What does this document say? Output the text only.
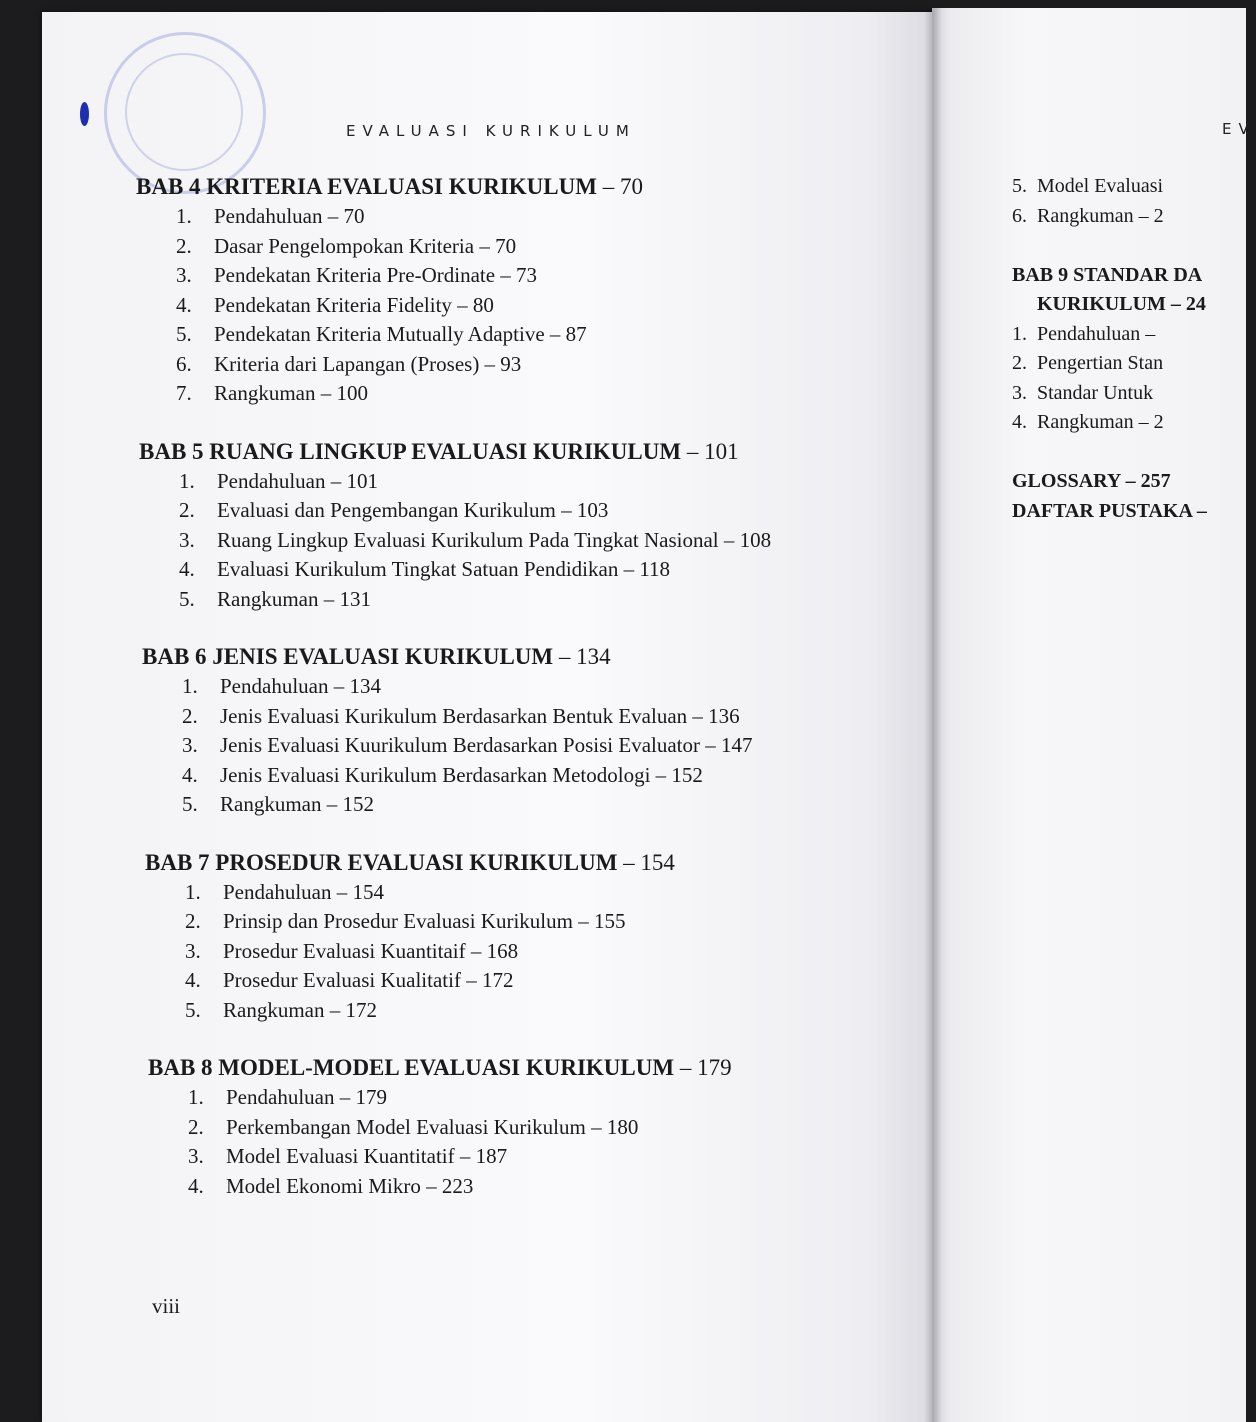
EVALUASI KURIKULUM

BAB 4 KRITERIA EVALUASI KURIKULUM – 70
1.	Pendahuluan – 70
2.	Dasar Pengelompokan Kriteria – 70
3.	Pendekatan Kriteria Pre-Ordinate – 73
4.	Pendekatan Kriteria Fidelity – 80
5.	Pendekatan Kriteria Mutually Adaptive – 87
6.	Kriteria dari Lapangan (Proses) – 93
7.	Rangkuman – 100
BAB 5 RUANG LINGKUP EVALUASI KURIKULUM – 101
1.	Pendahuluan – 101
2.	Evaluasi dan Pengembangan Kurikulum – 103
3.	Ruang Lingkup Evaluasi Kurikulum Pada Tingkat Nasional – 108
4.	Evaluasi Kurikulum Tingkat Satuan Pendidikan – 118
5.	Rangkuman – 131
BAB 6 JENIS EVALUASI KURIKULUM – 134
1.	Pendahuluan – 134
2.	Jenis Evaluasi Kurikulum Berdasarkan Bentuk Evaluan – 136
3.	Jenis Evaluasi Kuurikulum Berdasarkan Posisi Evaluator – 147
4.	Jenis Evaluasi Kurikulum Berdasarkan Metodologi – 152
5.	Rangkuman – 152
BAB 7 PROSEDUR EVALUASI KURIKULUM – 154
1.	Pendahuluan – 154
2.	Prinsip dan Prosedur Evaluasi Kurikulum – 155
3.	Prosedur Evaluasi Kuantitaif – 168
4.	Prosedur Evaluasi Kualitatif – 172
5.	Rangkuman – 172
BAB 8 MODEL-MODEL EVALUASI KURIKULUM – 179
1.	Pendahuluan – 179
2.	Perkembangan Model Evaluasi Kurikulum – 180
3.	Model Evaluasi Kuantitatif – 187
4.	Model Ekonomi Mikro – 223
viii
EV
5.  Model Evaluasi
6.  Rangkuman – 2
BAB 9 STANDAR DA
KURIKULUM – 24
1.  Pendahuluan –
2.  Pengertian Stan
3.  Standar Untuk
4.  Rangkuman – 2
GLOSSARY – 257
DAFTAR PUSTAKA –
